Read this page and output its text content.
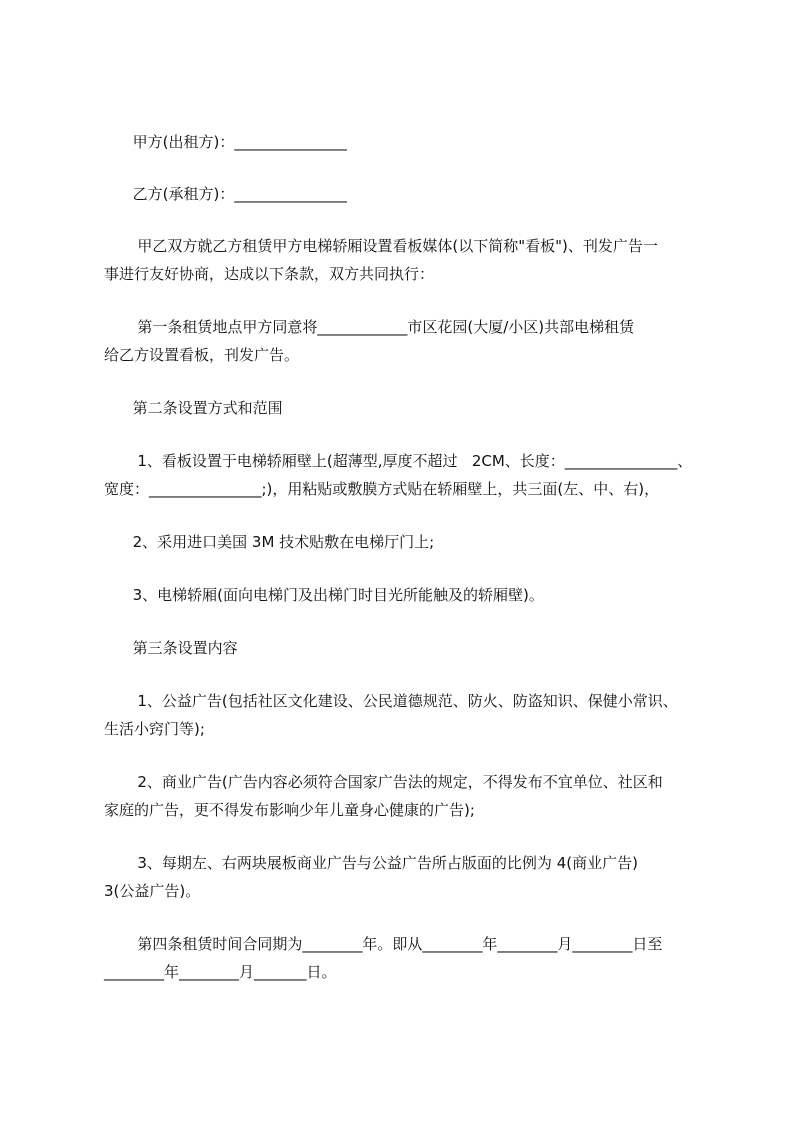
甲方(出租方)：_______________
乙方(承租方)：_______________
甲乙双方就乙方租赁甲方电梯轿厢设置看板媒体(以下简称"看板")、刊发广告一
事进行友好协商，达成以下条款，双方共同执行：
第一条租赁地点甲方同意将____________市区花园(大厦/小区)共部电梯租赁
给乙方设置看板，刊发广告。
第二条设置方式和范围
1、看板设置于电梯轿厢壁上(超薄型,厚度不超过   2CM、长度：_______________、
宽度：_______________;)，用粘贴或敷膜方式贴在轿厢壁上，共三面(左、中、右)，
2、采用进口美国 3M 技术贴敷在电梯厅门上;
3、电梯轿厢(面向电梯门及出梯门时目光所能触及的轿厢壁)。
第三条设置内容
1、公益广告(包括社区文化建设、公民道德规范、防火、防盗知识、保健小常识、
生活小窍门等);
2、商业广告(广告内容必须符合国家广告法的规定，不得发布不宜单位、社区和
家庭的广告，更不得发布影响少年儿童身心健康的广告);
3、每期左、右两块展板商业广告与公益广告所占版面的比例为 4(商业广告)
3(公益广告)。
第四条租赁时间合同期为________年。即从________年________月________日至
________年________月_______日。
